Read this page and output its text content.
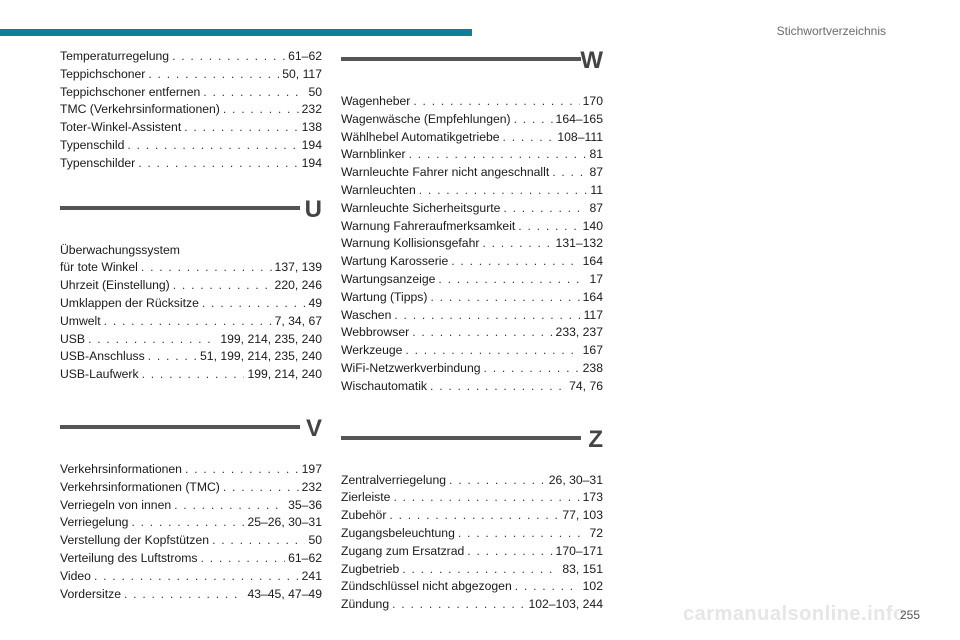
Stichwortverzeichnis
Temperaturregelung . . .	61–62
Teppichschoner . . .	50, 117
Teppichschoner entfernen . . .	50
TMC (Verkehrsinformationen) . . .	232
Toter-Winkel-Assistent . . .	138
Typenschild . . .	194
Typenschilder . . .	194
U
Überwachungssystem
für tote Winkel . . .	137, 139
Uhrzeit (Einstellung) . . .	220, 246
Umklappen der Rücksitze . . .	49
Umwelt . . .	7, 34, 67
USB . . .	199, 214, 235, 240
USB-Anschluss . . .	51, 199, 214, 235, 240
USB-Laufwerk . . .	199, 214, 240
V
Verkehrsinformationen . . .	197
Verkehrsinformationen (TMC) . . .	232
Verriegeln von innen . . .	35–36
Verriegelung . . .	25–26, 30–31
Verstellung der Kopfstützen . . .	50
Verteilung des Luftstroms . . .	61–62
Video . . .	241
Vordersitze . . .	43–45, 47–49
W
Wagenheber . . .	170
Wagenwäsche (Empfehlungen) . . .	164–165
Wählhebel Automatikgetriebe . . .	108–111
Warnblinker . . .	81
Warnleuchte Fahrer nicht angeschnallt . . .	87
Warnleuchten . . .	11
Warnleuchte Sicherheitsgurte . . .	87
Warnung Fahreraufmerksamkeit . . .	140
Warnung Kollisionsgefahr . . .	131–132
Wartung Karosserie . . .	164
Wartungsanzeige . . .	17
Wartung (Tipps) . . .	164
Waschen . . .	117
Webbrowser . . .	233, 237
Werkzeuge . . .	167
WiFi-Netzwerkverbindung . . .	238
Wischautomatik . . .	74, 76
Z
Zentralverriegelung . . .	26, 30–31
Zierleiste . . .	173
Zubehör . . .	77, 103
Zugangsbeleuchtung . . .	72
Zugang zum Ersatzrad . . .	170–171
Zugbetrieb . . .	83, 151
Zündschlüssel nicht abgezogen . . .	102
Zündung . . .	102–103, 244	carmanualsonline.info
255
